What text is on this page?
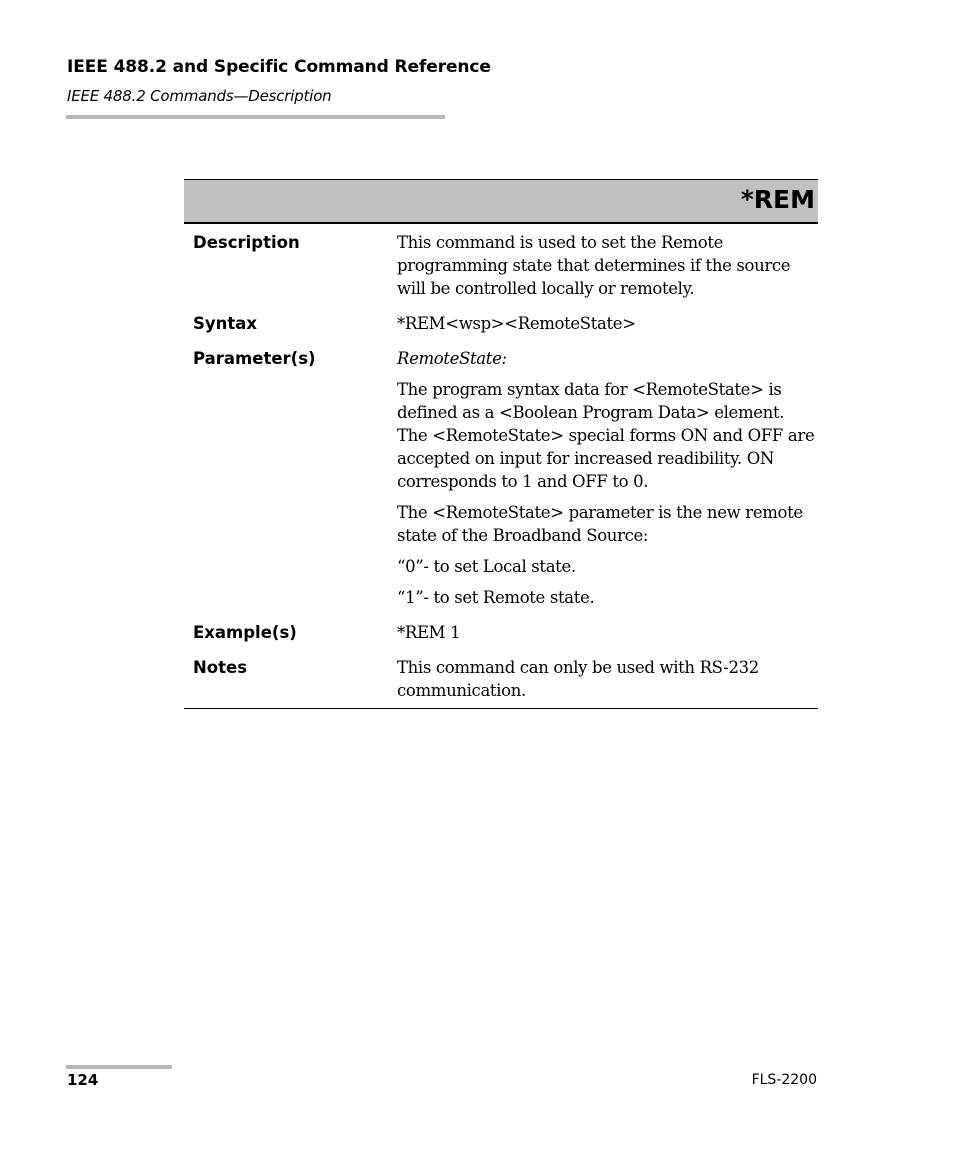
IEEE 488.2 and Specific Command Reference
IEEE 488.2 Commands—Description
*REM
Description	This command is used to set the Remote programming state that determines if the source will be controlled locally or remotely.

Syntax	*REM<wsp><RemoteState>

Parameter(s)	RemoteState:

The program syntax data for <RemoteState> is defined as a <Boolean Program Data> element. The <RemoteState> special forms ON and OFF are accepted on input for increased readibility. ON corresponds to 1 and OFF to 0.

The <RemoteState> parameter is the new remote state of the Broadband Source:

“0”- to set Local state.

“1”- to set Remote state.

Example(s)	*REM 1

Notes	This command can only be used with RS-232 communication.

124	FLS-2200
